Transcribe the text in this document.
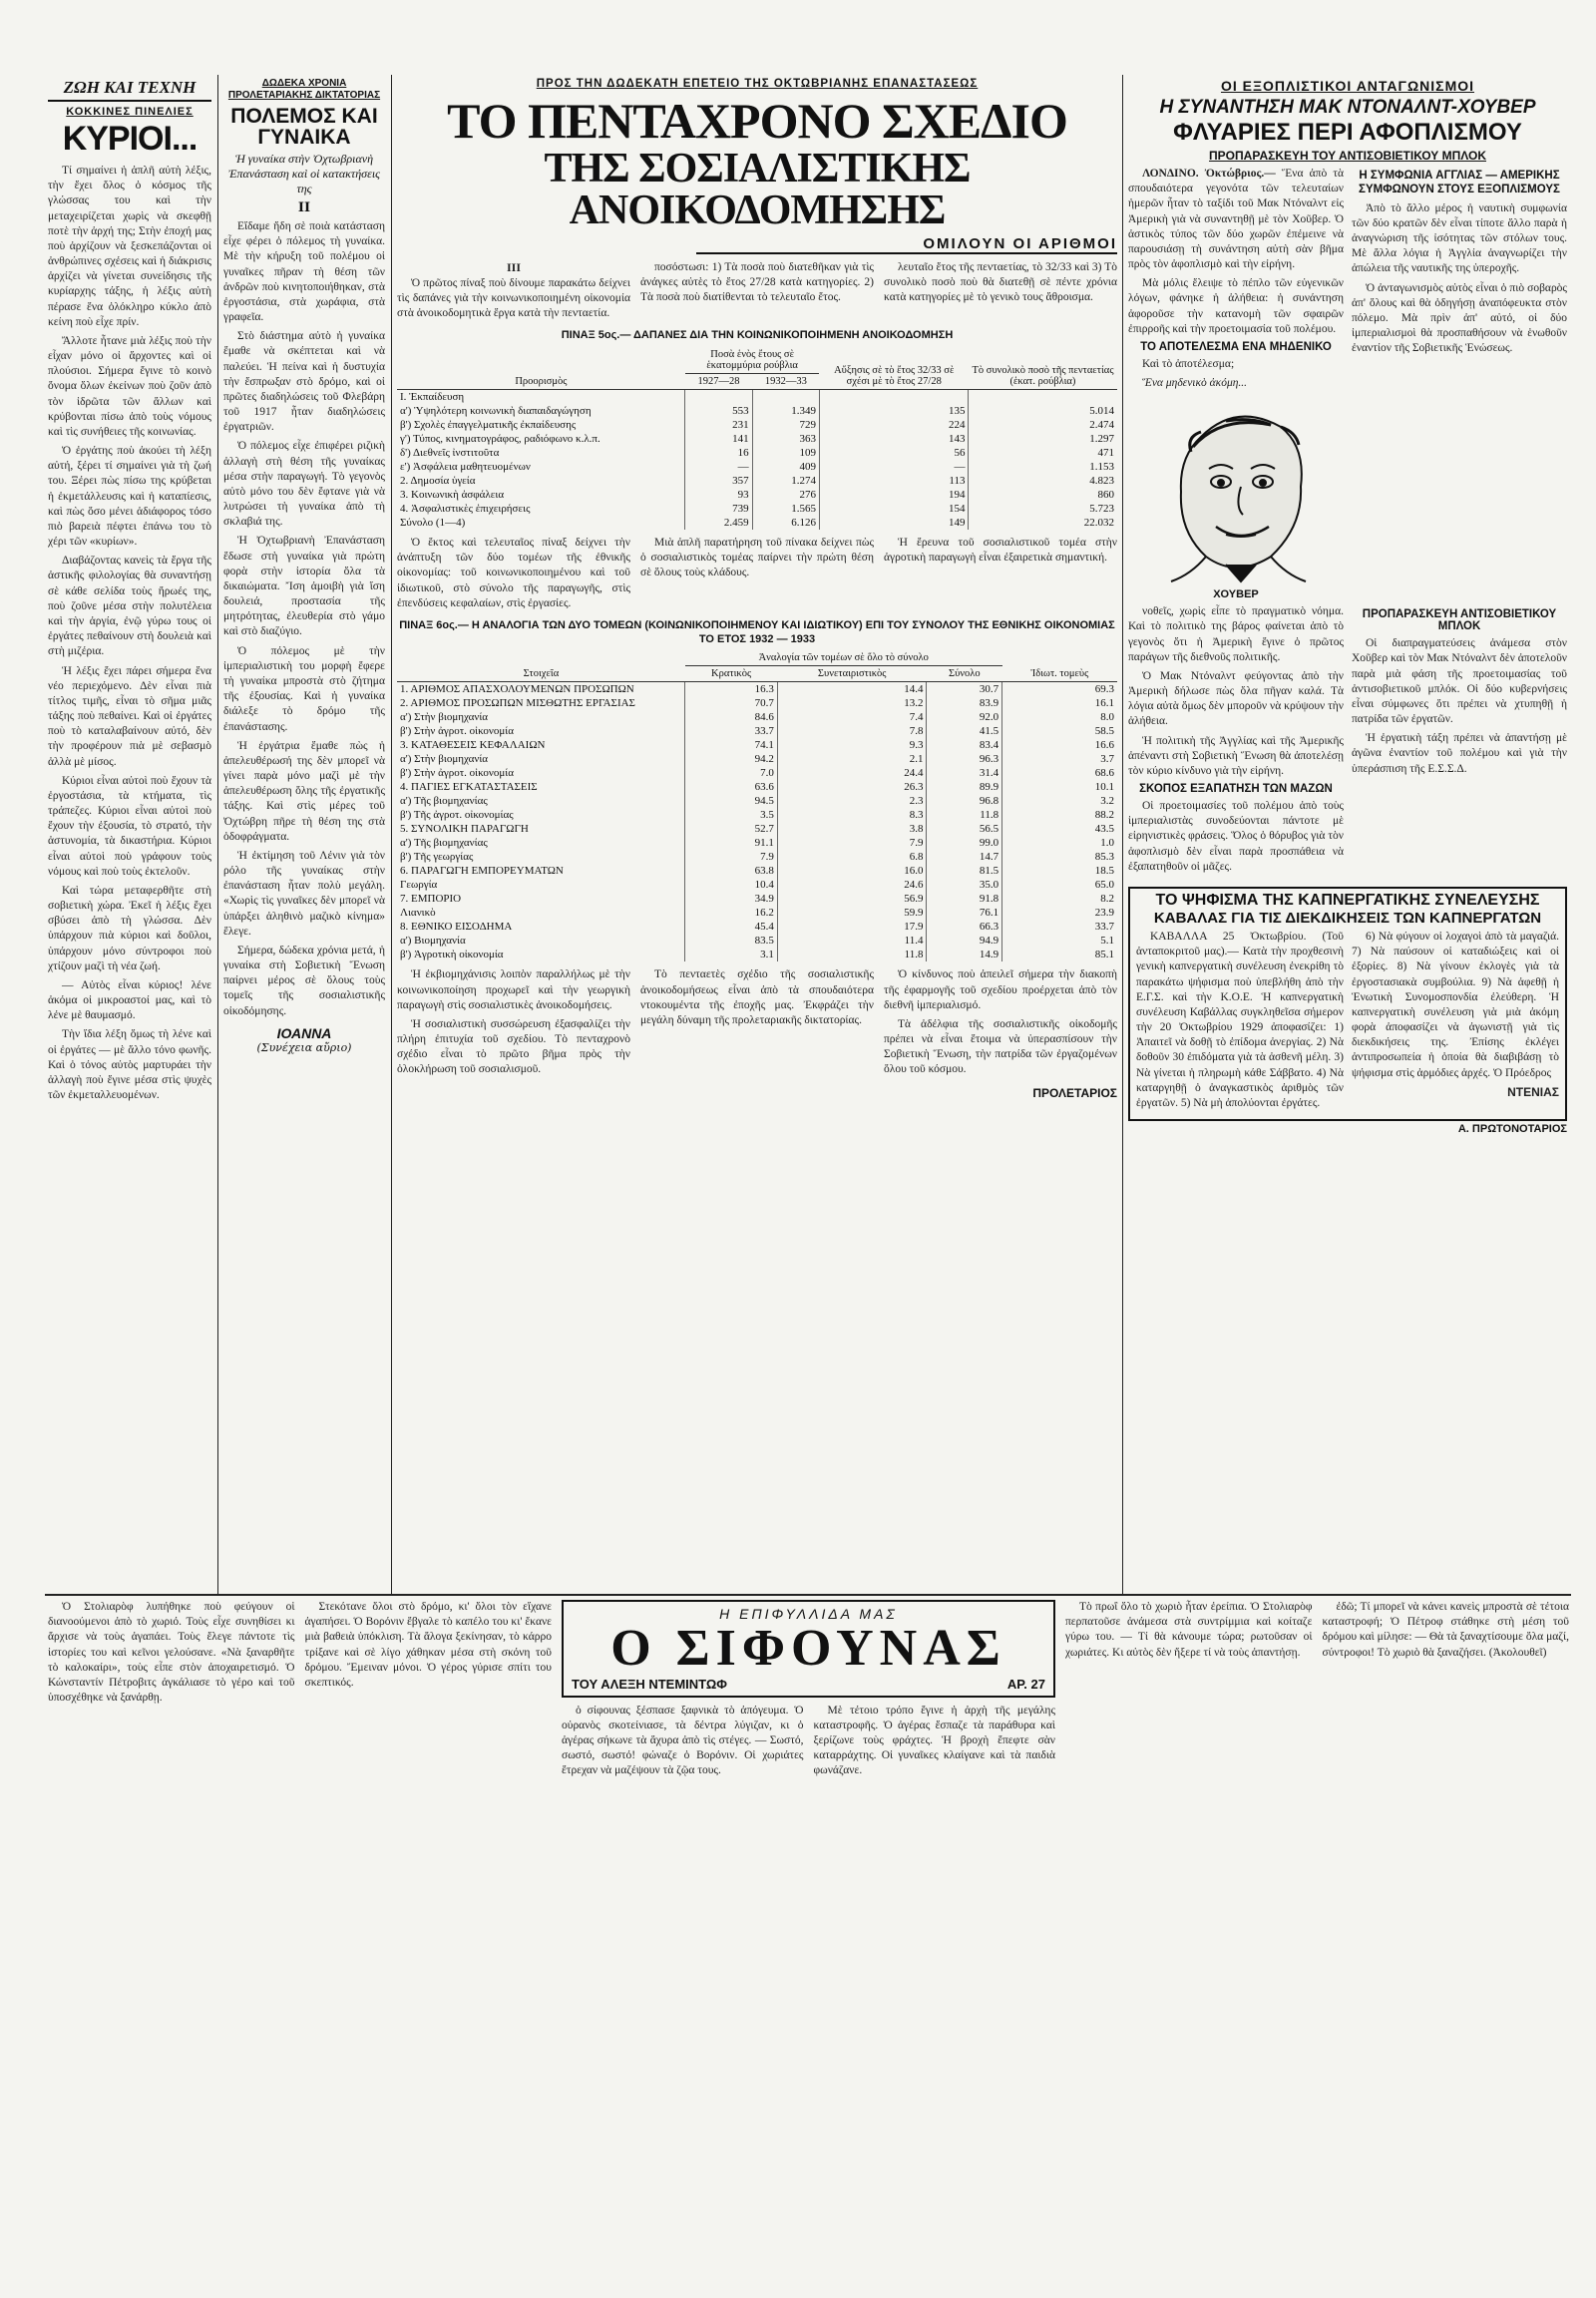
ΖΩΗ ΚΑΙ ΤΕΧΝΗ
ΚΟΚΚΙΝΕΣ ΠΙΝΕΛΙΕΣ
ΚΥΡΙΟΙ...

Τί σημαίνει ἡ ἁπλῆ αὐτὴ λέξις, τὴν ἔχει ὅλος ὁ κόσμος τῆς γλώσσας του καὶ τὴν μεταχειρίζεται χωρὶς νὰ σκεφθῇ ποτὲ τὴν ἀρχή της; Στὴν ἐποχή μας ποὺ ἀρχίζουν νὰ ξεσκεπάζονται οἱ ἀνθρώπινες σχέσεις καὶ ἡ διάκρισις ἀρχίζει νὰ γίνεται συνείδησις τῆς κυρίαρχης τάξης, ἡ λέξις αὐτὴ πέρασε ἕνα ὁλόκληρο κύκλο ἀπὸ κείνη ποὺ εἶχε πρίν.

Ἄλλοτε ἦτανε μιὰ λέξις ποὺ τὴν εἶχαν μόνο οἱ ἄρχοντες καὶ οἱ πλούσιοι. Σήμερα ἔγινε τὸ κοινὸ ὄνομα ὅλων ἐκείνων ποὺ ζοῦν ἀπὸ τὸν ἱδρῶτα τῶν ἄλλων καὶ κρύβονται πίσω ἀπὸ τοὺς νόμους καὶ τὶς συνήθειες τῆς κοινωνίας.

Ὁ ἐργάτης ποὺ ἀκούει τὴ λέξη αὐτή, ξέρει τί σημαίνει γιὰ τὴ ζωή του. Ξέρει πὼς πίσω της κρύβεται ἡ ἐκμετάλλευσις καὶ ἡ καταπίεσις, καὶ πὼς ὅσο μένει ἀδιάφορος τόσο πιὸ βαρειὰ πέφτει ἐπάνω του τὸ χέρι τῶν «κυρίων».

Διαβάζοντας κανεὶς τὰ ἔργα τῆς ἀστικῆς φιλολογίας θὰ συναντήσῃ σὲ κάθε σελίδα τοὺς ἥρωές της, ποὺ ζοῦνε μέσα στὴν πολυτέλεια καὶ τὴν ἀργία, ἐνῷ γύρω τους οἱ ἐργάτες πεθαίνουν στὴ δουλειὰ καὶ στὴ μιζέρια.

Ἡ λέξις ἔχει πάρει σήμερα ἕνα νέο περιεχόμενο. Δὲν εἶναι πιὰ τίτλος τιμῆς, εἶναι τὸ σῆμα μιᾶς τάξης ποὺ πεθαίνει. Καὶ οἱ ἐργάτες ποὺ τὸ καταλαβαίνουν αὐτό, δὲν τὴν προφέρουν πιὰ μὲ σεβασμὸ ἀλλὰ μὲ μίσος.

Κύριοι εἶναι αὐτοὶ ποὺ ἔχουν τὰ ἐργοστάσια, τὰ κτήματα, τὶς τράπεζες. Κύριοι εἶναι αὐτοὶ ποὺ ἔχουν τὴν ἐξουσία, τὸ στρατό, τὴν ἀστυνομία, τὰ δικαστήρια. Κύριοι εἶναι αὐτοὶ ποὺ γράφουν τοὺς νόμους καὶ ποὺ τοὺς ἐκτελοῦν.

Καὶ τώρα μεταφερθῆτε στὴ σοβιετικὴ χώρα. Ἐκεῖ ἡ λέξις ἔχει σβύσει ἀπὸ τὴ γλώσσα. Δὲν ὑπάρχουν πιὰ κύριοι καὶ δοῦλοι, ὑπάρχουν μόνο σύντροφοι ποὺ χτίζουν μαζὶ τὴ νέα ζωή.

— Αὐτὸς εἶναι κύριος! λένε ἀκόμα οἱ μικροαστοί μας, καὶ τὸ λένε μὲ θαυμασμό.

Τὴν ἴδια λέξη ὅμως τὴ λένε καὶ οἱ ἐργάτες — μὲ ἄλλο τόνο φωνῆς. Καὶ ὁ τόνος αὐτὸς μαρτυράει τὴν ἀλλαγὴ ποὺ ἔγινε μέσα στὶς ψυχὲς τῶν ἐκμεταλλευομένων.

ΔΩΔΕΚΑ ΧΡΟΝΙΑ ΠΡΟΛΕΤΑΡΙΑΚΗΣ ΔΙΚΤΑΤΟΡΙΑΣ
ΠΟΛΕΜΟΣ ΚΑΙ ΓΥΝΑΙΚΑ
Ἡ γυναίκα στὴν Ὀχτωβριανὴ Ἐπανάσταση καὶ οἱ κατακτήσεις της
II

Εἴδαμε ἤδη σὲ ποιὰ κατάσταση εἶχε φέρει ὁ πόλεμος τὴ γυναίκα. Μὲ τὴν κήρυξη τοῦ πολέμου οἱ γυναῖκες πῆραν τὴ θέση τῶν ἀνδρῶν ποὺ κινητοποιήθηκαν, στὰ ἐργοστάσια, στὰ χωράφια, στὰ γραφεῖα.

Στὸ διάστημα αὐτὸ ἡ γυναίκα ἔμαθε νὰ σκέπτεται καὶ νὰ παλεύει. Ἡ πείνα καὶ ἡ δυστυχία τὴν ἔσπρωξαν στὸ δρόμο, καὶ οἱ πρῶτες διαδηλώσεις τοῦ Φλεβάρη τοῦ 1917 ἦταν διαδηλώσεις ἐργατριῶν.

Ὁ πόλεμος εἶχε ἐπιφέρει ριζικὴ ἀλλαγὴ στὴ θέση τῆς γυναίκας μέσα στὴν παραγωγή. Τὸ γεγονὸς αὐτὸ μόνο του δὲν ἔφτανε γιὰ νὰ λυτρώσει τὴ γυναίκα ἀπὸ τὴ σκλαβιά της.

Ἡ Ὀχτωβριανὴ Ἐπανάσταση ἔδωσε στὴ γυναίκα γιὰ πρώτη φορὰ στὴν ἱστορία ὅλα τὰ δικαιώματα. Ἴση ἀμοιβὴ γιὰ ἴση δουλειά, προστασία τῆς μητρότητας, ἐλευθερία στὸ γάμο καὶ στὸ διαζύγιο.

Ὁ πόλεμος μὲ τὴν ἱμπεριαλιστικὴ του μορφὴ ἔφερε τὴ γυναίκα μπροστὰ στὸ ζήτημα τῆς ἐξουσίας. Καὶ ἡ γυναίκα διάλεξε τὸ δρόμο τῆς ἐπανάστασης.

Ἡ ἐργάτρια ἔμαθε πὼς ἡ ἀπελευθέρωσή της δὲν μπορεῖ νὰ γίνει παρὰ μόνο μαζὶ μὲ τὴν ἀπελευθέρωση ὅλης τῆς ἐργατικῆς τάξης. Καὶ στὶς μέρες τοῦ Ὀχτώβρη πῆρε τὴ θέση της στὰ ὁδοφράγματα.

Ἡ ἐκτίμηση τοῦ Λένιν γιὰ τὸν ρόλο τῆς γυναίκας στὴν ἐπανάσταση ἦταν πολὺ μεγάλη. «Χωρὶς τὶς γυναῖκες δὲν μπορεῖ νὰ ὑπάρξει ἀληθινὸ μαζικὸ κίνημα» ἔλεγε.

Σήμερα, δώδεκα χρόνια μετά, ἡ γυναίκα στὴ Σοβιετικὴ Ἕνωση παίρνει μέρος σὲ ὅλους τοὺς τομεῖς τῆς σοσιαλιστικῆς οἰκοδόμησης.

ΙΟΑΝΝΑ
(Συνέχεια αὔριο)
ΠΡΟΣ ΤΗΝ ΔΩΔΕΚΑΤΗ ΕΠΕΤΕΙΟ ΤΗΣ ΟΚΤΩΒΡΙΑΝΗΣ ΕΠΑΝΑΣΤΑΣΕΩΣ
ΤΟ ΠΕΝΤΑΧΡΟΝΟ ΣΧΕΔΙΟ
ΤΗΣ ΣΟΣΙΑΛΙΣΤΙΚΗΣ ΑΝΟΙΚΟΔΟΜΗΣΗΣ
ΟΜΙΛΟΥΝ ΟΙ ΑΡΙΘΜΟΙ
III

Ὁ πρῶτος πίναξ ποὺ δίνουμε παρακάτω δείχνει τὶς δαπάνες γιὰ τὴν κοινωνικοποιημένη οἰκονομία στὰ ἀνοικοδομητικὰ ἔργα κατὰ τὴν πενταετία.

ποσόστωσι: 1) Τὰ ποσὰ ποὺ διατεθῆκαν γιὰ τὶς ἀνάγκες αὐτὲς τὸ ἔτος 27/28 κατὰ κατηγορίες. 2) Τὰ ποσὰ ποὺ διατίθενται τὸ τελευταῖο ἔτος.

λευταῖο ἔτος τῆς πενταετίας, τὸ 32/33 καὶ 3) Τὸ συνολικὸ ποσὸ ποὺ θὰ διατεθῇ σὲ πέντε χρόνια κατὰ κατηγορίες μὲ τὸ γενικὸ τους ἄθροισμα.

ΠΙΝΑΞ 5ος.— ΔΑΠΑΝΕΣ ΔΙΑ ΤΗΝ ΚΟΙΝΩΝΙΚΟΠΟΙΗΜΕΝΗ ΑΝΟΙΚΟΔΟΜΗΣΗ
Προορισμὸς	Ποσὰ ἑνὸς ἔτους σὲ ἑκατομμύρια ρούβλια		Αὔξησις σὲ τὸ ἔτος 32/33 σὲ σχέσι μὲ τὸ ἔτος 27/28	Τὸ συνολικὸ ποσὸ τῆς πενταετίας (ἑκατ. ρούβλια)
	1927—28	1932—33		
Ι. Ἐκπαίδευση				
α') Ὑψηλότερη κοινωνικὴ διαπαιδαγώγηση	553	1.349	135	5.014
β') Σχολὲς ἐπαγγελματικῆς ἐκπαίδευσης	231	729	224	2.474
γ') Τύπος, κινηματογράφος, ραδιόφωνο κ.λ.π.	141	363	143	1.297
δ') Διεθνεῖς ἰνστιτοῦτα	16	109	56	471
ε') Ἀσφάλεια μαθητευομένων	—	409	—	1.153
2. Δημοσία ὑγεία	357	1.274	113	4.823
3. Κοινωνικὴ ἀσφάλεια	93	276	194	860
4. Ἀσφαλιστικὲς ἐπιχειρήσεις	739	1.565	154	5.723
Σύνολο (1—4)	2.459	6.126	149	22.032

Ὁ ἕκτος καὶ τελευταῖος πίναξ δείχνει τὴν ἀνάπτυξη τῶν δύο τομέων τῆς ἐθνικῆς οἰκονομίας: τοῦ κοινωνικοποιημένου καὶ τοῦ ἰδιωτικοῦ, στὸ σύνολο τῆς παραγωγῆς, στὶς ἐπενδύσεις κεφαλαίων, στὶς ἐργασίες.

Μιὰ ἁπλῆ παρατήρηση τοῦ πίνακα δείχνει πὼς ὁ σοσιαλιστικὸς τομέας παίρνει τὴν πρώτη θέση σὲ ὅλους τοὺς κλάδους.

Ἡ ἔρευνα τοῦ σοσιαλιστικοῦ τομέα στὴν ἀγροτικὴ παραγωγὴ εἶναι ἐξαιρετικὰ σημαντική.

ΠΙΝΑΞ 6ος.— Η ΑΝΑΛΟΓΙΑ ΤΩΝ ΔΥΟ ΤΟΜΕΩΝ (ΚΟΙΝΩΝΙΚΟΠΟΙΗΜΕΝΟΥ ΚΑΙ ΙΔΙΩΤΙΚΟΥ) ΕΠΙ ΤΟΥ ΣΥΝΟΛΟΥ ΤΗΣ ΕΘΝΙΚΗΣ ΟΙΚΟΝΟΜΙΑΣ ΤΟ ΕΤΟΣ 1932 — 1933
Στοιχεῖα	Ἀναλογία τῶν τομέων σὲ ὅλο τὸ σύνολο			Ἰδιωτ. τομεὺς
	Κρατικὸς	Συνεταιριστικὸς	Σύνολο	
1. ΑΡΙΘΜΟΣ ΑΠΑΣΧΟΛΟΥΜΕΝΩΝ ΠΡΟΣΩΠΩΝ	16.3	14.4	30.7	69.3
2. ΑΡΙΘΜΟΣ ΠΡΟΣΩΠΩΝ ΜΙΣΘΩΤΗΣ ΕΡΓΑΣΙΑΣ	70.7	13.2	83.9	16.1
α') Στὴν βιομηχανία	84.6	7.4	92.0	8.0
β') Στὴν ἀγροτ. οἰκονομία	33.7	7.8	41.5	58.5
3. ΚΑΤΑΘΕΣΕΙΣ ΚΕΦΑΛΑΙΩΝ	74.1	9.3	83.4	16.6
α') Στὴν βιομηχανία	94.2	2.1	96.3	3.7
β') Στὴν ἀγροτ. οἰκονομία	7.0	24.4	31.4	68.6
4. ΠΑΓΙΕΣ ΕΓΚΑΤΑΣΤΑΣΕΙΣ	63.6	26.3	89.9	10.1
α') Τῆς βιομηχανίας	94.5	2.3	96.8	3.2
β') Τῆς ἀγροτ. οἰκονομίας	3.5	8.3	11.8	88.2
5. ΣΥΝΟΛΙΚΗ ΠΑΡΑΓΩΓΗ	52.7	3.8	56.5	43.5
α') Τῆς βιομηχανίας	91.1	7.9	99.0	1.0
β') Τῆς γεωργίας	7.9	6.8	14.7	85.3
6. ΠΑΡΑΓΩΓΗ ΕΜΠΟΡΕΥΜΑΤΩΝ	63.8	16.0	81.5	18.5
Γεωργία	10.4	24.6	35.0	65.0
7. ΕΜΠΟΡΙΟ	34.9	56.9	91.8	8.2
Λιανικὸ	16.2	59.9	76.1	23.9
8. ΕΘΝΙΚΟ ΕΙΣΟΔΗΜΑ	45.4	17.9	66.3	33.7
α') Βιομηχανία	83.5	11.4	94.9	5.1
β') Ἀγροτικὴ οἰκονομία	3.1	11.8	14.9	85.1

Ἡ ἐκβιομηχάνισις λοιπὸν παραλλήλως μὲ τὴν κοινωνικοποίηση προχωρεῖ καὶ τὴν γεωργικὴ παραγωγὴ στὶς σοσιαλιστικὲς ἀνοικοδομήσεις.

Ἡ σοσιαλιστικὴ συσσώρευση ἐξασφαλίζει τὴν πλήρη ἐπιτυχία τοῦ σχεδίου. Τὸ πενταχρονὸ σχέδιο εἶναι τὸ πρῶτο βῆμα πρὸς τὴν ὁλοκλήρωση τοῦ σοσιαλισμοῦ.

Τὸ πενταετὲς σχέδιο τῆς σοσιαλιστικῆς ἀνοικοδομήσεως εἶναι ἀπὸ τὰ σπουδαιότερα ντοκουμέντα τῆς ἐποχῆς μας. Ἐκφράζει τὴν μεγάλη δύναμη τῆς προλεταριακῆς δικτατορίας.

Ὁ κίνδυνος ποὺ ἀπειλεῖ σήμερα τὴν διακοπὴ τῆς ἐφαρμογῆς τοῦ σχεδίου προέρχεται ἀπὸ τὸν διεθνῆ ἱμπεριαλισμό.

Τὰ ἀδέλφια τῆς σοσιαλιστικῆς οἰκοδομῆς πρέπει νὰ εἶναι ἕτοιμα νὰ ὑπερασπίσουν τὴν Σοβιετικὴ Ἕνωση, τὴν πατρίδα τῶν ἐργαζομένων ὅλου τοῦ κόσμου.

ΠΡΟΛΕΤΑΡΙΟΣ
ΟΙ ΕΞΟΠΛΙΣΤΙΚΟΙ ΑΝΤΑΓΩΝΙΣΜΟΙ
Η ΣΥΝΑΝΤΗΣΗ ΜΑΚ ΝΤΟΝΑΛΝΤ-ΧΟΥΒΕΡ
ΦΛΥΑΡΙΕΣ ΠΕΡΙ ΑΦΟΠΛΙΣΜΟΥ
ΠΡΟΠΑΡΑΣΚΕΥΗ ΤΟΥ ΑΝΤΙΣΟΒΙΕΤΙΚΟΥ ΜΠΛΟΚ

ΛΟΝΔΙΝΟ. Ὀκτώβριος.— Ἕνα ἀπὸ τὰ σπουδαιότερα γεγονότα τῶν τελευταίων ἡμερῶν ἦταν τὸ ταξίδι τοῦ Μακ Ντόναλντ εἰς Ἀμερικὴ γιὰ νὰ συναντηθῇ μὲ τὸν Χοῦβερ. Ὁ ἀστικὸς τύπος τῶν δύο χωρῶν ἐπέμεινε νὰ παρουσιάσῃ τὴ συνάντηση αὐτὴ σὰν βῆμα πρὸς τὸν ἀφοπλισμὸ καὶ τὴν εἰρήνη.

Μὰ μόλις ἔλειψε τὸ πέπλο τῶν εὐγενικῶν λόγων, φάνηκε ἡ ἀλήθεια: ἡ συνάντηση ἀφοροῦσε τὴν κατανομὴ τῶν σφαιρῶν ἐπιρροῆς καὶ τὴν προετοιμασία τοῦ πολέμου.

ΤΟ ΑΠΟΤΕΛΕΣΜΑ ΕΝΑ ΜΗΔΕΝΙΚΟ

Καὶ τὸ ἀποτέλεσμα;

Ἕνα μηδενικὸ ἀκόμη...

ΧΟΥΒΕΡ
Η ΣΥΜΦΩΝΙΑ ΑΓΓΛΙΑΣ — ΑΜΕΡΙΚΗΣ ΣΥΜΦΩΝΟΥΝ ΣΤΟΥΣ ΕΞΟΠΛΙΣΜΟΥΣ

Ἀπὸ τὸ ἄλλο μέρος ἡ ναυτικὴ συμφωνία τῶν δύο κρατῶν δὲν εἶναι τίποτε ἄλλο παρὰ ἡ ἀναγνώριση τῆς ἰσότητας τῶν στόλων τους. Μὲ ἄλλα λόγια ἡ Ἀγγλία ἀναγνωρίζει τὴν ἀπώλεια τῆς ναυτικῆς της ὑπεροχῆς.

Ὁ ἀνταγωνισμὸς αὐτὸς εἶναι ὁ πιὸ σοβαρὸς ἀπ' ὅλους καὶ θὰ ὁδηγήσῃ ἀναπόφευκτα στὸν πόλεμο. Μὰ πρὶν ἀπ' αὐτό, οἱ δύο ἱμπεριαλισμοὶ θὰ προσπαθήσουν νὰ ἑνωθοῦν ἐναντίον τῆς Σοβιετικῆς Ἑνώσεως.

νοθεῖς, χωρὶς εἶπε τὸ πραγματικὸ νόημα. Καὶ τὸ πολιτικὸ της βάρος φαίνεται ἀπὸ τὸ γεγονὸς ὅτι ἡ Ἀμερικὴ ἔγινε ὁ πρῶτος παράγων τῆς διεθνοῦς πολιτικῆς.

Ὁ Μακ Ντόναλντ φεύγοντας ἀπὸ τὴν Ἀμερικὴ δήλωσε πὼς ὅλα πῆγαν καλά. Τὰ λόγια αὐτὰ ὅμως δὲν μποροῦν νὰ κρύψουν τὴν ἀλήθεια.

Ἡ πολιτικὴ τῆς Ἀγγλίας καὶ τῆς Ἀμερικῆς ἀπέναντι στὴ Σοβιετικὴ Ἕνωση θὰ ἀποτελέσῃ τὸν κύριο κίνδυνο γιὰ τὴν εἰρήνη.

ΣΚΟΠΟΣ ΕΞΑΠΑΤΗΣΗ ΤΩΝ ΜΑΖΩΝ

Οἱ προετοιμασίες τοῦ πολέμου ἀπὸ τοὺς ἱμπεριαλιστὰς συνοδεύονται πάντοτε μὲ εἰρηνιστικὲς φράσεις. Ὅλος ὁ θόρυβος γιὰ τὸν ἀφοπλισμὸ δὲν εἶναι παρὰ προσπάθεια νὰ ἐξαπατηθοῦν οἱ μᾶζες.

ΠΡΟΠΑΡΑΣΚΕΥΗ ΑΝΤΙΣΟΒΙΕΤΙΚΟΥ ΜΠΛΟΚ

Οἱ διαπραγματεύσεις ἀνάμεσα στὸν Χοῦβερ καὶ τὸν Μακ Ντόναλντ δὲν ἀποτελοῦν παρὰ μιὰ φάση τῆς προετοιμασίας τοῦ ἀντισοβιετικοῦ μπλόκ. Οἱ δύο κυβερνήσεις εἶναι σύμφωνες ὅτι πρέπει νὰ χτυπηθῇ ἡ πατρίδα τῶν ἐργατῶν.

Ἡ ἐργατικὴ τάξη πρέπει νὰ ἀπαντήσῃ μὲ ἀγῶνα ἐναντίον τοῦ πολέμου καὶ γιὰ τὴν ὑπεράσπιση τῆς Ε.Σ.Σ.Δ.

ΤΟ ΨΗΦΙΣΜΑ ΤΗΣ ΚΑΠΝΕΡΓΑΤΙΚΗΣ ΣΥΝΕΛΕΥΣΗΣ
ΚΑΒΑΛΑΣ ΓΙΑ ΤΙΣ ΔΙΕΚΔΙΚΗΣΕΙΣ ΤΩΝ ΚΑΠΝΕΡΓΑΤΩΝ

ΚΑΒΑΛΛΑ 25 Ὀκτωβρίου. (Τοῦ ἀνταποκριτοῦ μας).— Κατὰ τὴν προχθεσινὴ γενικὴ καπνεργατικὴ συνέλευση ἐνεκρίθη τὸ παρακάτω ψήφισμα ποὺ ὑπεβλήθη ἀπὸ τὴν Ε.Γ.Σ. καὶ τὴν Κ.Ο.Ε. Ἡ καπνεργατικὴ συνέλευση Καβάλλας συγκληθεῖσα σήμερον τὴν 20 Ὀκτωβρίου 1929 ἀποφασίζει: 1) Ἀπαιτεῖ νὰ δοθῇ τὸ ἐπίδομα ἀνεργίας. 2) Νὰ δοθοῦν 30 ἐπιδόματα γιὰ τὰ ἀσθενῆ μέλη. 3) Νὰ γίνεται ἡ πληρωμὴ κάθε Σάββατο. 4) Νὰ καταργηθῇ ὁ ἀναγκαστικὸς ἀριθμὸς τῶν ἐργατῶν. 5) Νὰ μὴ ἀπολύονται ἐργάτες.

6) Νὰ φύγουν οἱ λοχαγοὶ ἀπὸ τὰ μαγαζιά. 7) Νὰ παύσουν οἱ καταδιώξεις καὶ οἱ ἐξορίες. 8) Νὰ γίνουν ἐκλογὲς γιὰ τὰ ἐργοστασιακὰ συμβούλια. 9) Νὰ ἀφεθῇ ἡ Ἑνωτικὴ Συνομοσπονδία ἐλεύθερη. Ἡ καπνεργατικὴ συνέλευση γιὰ μιὰ ἀκόμη φορὰ ἀποφασίζει νὰ ἀγωνιστῇ γιὰ τὶς διεκδικήσεις της. Ἐπίσης ἐκλέγει ἀντιπροσωπεία ἡ ὁποία θὰ διαβιβάσῃ τὸ ψήφισμα στὶς ἁρμόδιες ἀρχές. Ὁ Πρόεδρος

ΝΤΕΝΙΑΣ
Α. ΠΡΩΤΟΝΟΤΑΡΙΟΣ

Ὁ Στολιαρὸφ λυπήθηκε ποὺ φεύγουν οἱ διανοούμενοι ἀπὸ τὸ χωριό. Τοὺς εἶχε συνηθίσει κι ἄρχισε νὰ τοὺς ἀγαπάει. Τοὺς ἔλεγε πάντοτε τὶς ἱστορίες του καὶ κεῖνοι γελούσανε. «Νὰ ξαναρθῆτε τὸ καλοκαίρι», τοὺς εἶπε στὸν ἀποχαιρετισμό. Ὁ Κώνσταντίν Πέτροβιτς ἀγκάλιασε τὸ γέρο καὶ τοῦ ὑποσχέθηκε νὰ ξανάρθῃ.

Στεκότανε ὅλοι στὸ δρόμο, κι' ὅλοι τὸν εἴχανε ἀγαπήσει. Ὁ Βορόνιν ἔβγαλε τὸ καπέλο του κι' ἔκανε μιὰ βαθειὰ ὑπόκλιση. Τὰ ἄλογα ξεκίνησαν, τὸ κάρρο τρίξανε καὶ σὲ λίγο χάθηκαν μέσα στὴ σκόνη τοῦ δρόμου. Ἔμειναν μόνοι. Ὁ γέρος γύρισε σπίτι του σκεπτικός.

Η ΕΠΙΦΥΛΛΙΔΑ ΜΑΣ
Ο ΣΙΦΟΥΝΑΣ
ΤΟΥ ΑΛΕΞΗ ΝΤΕΜΙΝΤΩΦ	ΑΡ. 27

ὁ σίφουνας ξέσπασε ξαφνικὰ τὸ ἀπόγευμα. Ὁ οὐρανὸς σκοτείνιασε, τὰ δέντρα λύγιζαν, κι ὁ ἀγέρας σήκωνε τὰ ἄχυρα ἀπὸ τὶς στέγες. — Σωστό, σωστό, σωστό! φώναζε ὁ Βορόνιν. Οἱ χωριάτες ἔτρεχαν νὰ μαζέψουν τὰ ζῷα τους.

Μὲ τέτοιο τρόπο ἔγινε ἡ ἀρχὴ τῆς μεγάλης καταστροφῆς. Ὁ ἀγέρας ἔσπαζε τὰ παράθυρα καὶ ξερίζωνε τοὺς φράχτες. Ἡ βροχὴ ἔπεφτε σὰν καταρράχτης. Οἱ γυναῖκες κλαίγανε καὶ τὰ παιδιὰ φωνάζανε.

Τὸ πρωΐ ὅλο τὸ χωριὸ ἦταν ἐρείπια. Ὁ Στολιαρὸφ περπατοῦσε ἀνάμεσα στὰ συντρίμμια καὶ κοίταζε γύρω του. — Τί θὰ κάνουμε τώρα; ρωτοῦσαν οἱ χωριάτες. Κι αὐτὸς δὲν ἤξερε τί νὰ τοὺς ἀπαντήσῃ.

ἐδῶ; Τί μπορεῖ νὰ κάνει κανεὶς μπροστὰ σὲ τέτοια καταστροφή; Ὁ Πέτροφ στάθηκε στὴ μέση τοῦ δρόμου καὶ μίλησε: — Θὰ τὰ ξαναχτίσουμε ὅλα μαζί, σύντροφοι! Τὸ χωριὸ θὰ ξαναζήσει. (Ἀκολουθεῖ)
